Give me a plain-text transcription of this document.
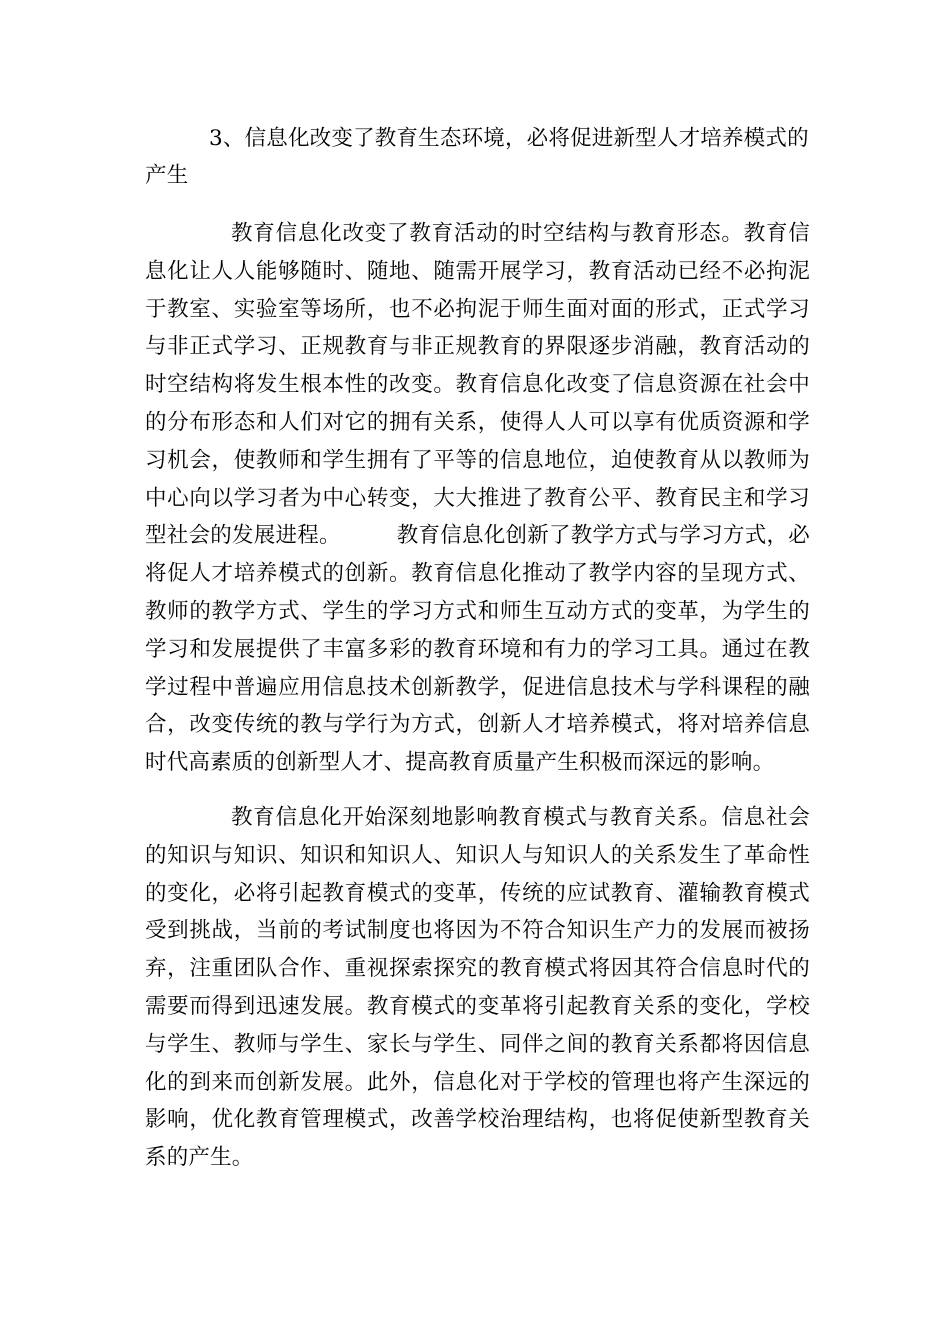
3、信息化改变了教育生态环境，必将促进新型人才培养模式的产生

教育信息化改变了教育活动的时空结构与教育形态。教育信息化让人人能够随时、随地、随需开展学习，教育活动已经不必拘泥于教室、实验室等场所，也不必拘泥于师生面对面的形式，正式学习与非正式学习、正规教育与非正规教育的界限逐步消融，教育活动的时空结构将发生根本性的改变。教育信息化改变了信息资源在社会中的分布形态和人们对它的拥有关系，使得人人可以享有优质资源和学习机会，使教师和学生拥有了平等的信息地位，迫使教育从以教师为中心向以学习者为中心转变，大大推进了教育公平、教育民主和学习型社会的发展进程。	教育信息化创新了教学方式与学习方式，必将促人才培养模式的创新。教育信息化推动了教学内容的呈现方式、教师的教学方式、学生的学习方式和师生互动方式的变革，为学生的学习和发展提供了丰富多彩的教育环境和有力的学习工具。通过在教学过程中普遍应用信息技术创新教学，促进信息技术与学科课程的融合，改变传统的教与学行为方式，创新人才培养模式，将对培养信息时代高素质的创新型人才、提高教育质量产生积极而深远的影响。

教育信息化开始深刻地影响教育模式与教育关系。信息社会的知识与知识、知识和知识人、知识人与知识人的关系发生了革命性的变化，必将引起教育模式的变革，传统的应试教育、灌输教育模式受到挑战，当前的考试制度也将因为不符合知识生产力的发展而被扬弃，注重团队合作、重视探索探究的教育模式将因其符合信息时代的需要而得到迅速发展。教育模式的变革将引起教育关系的变化，学校与学生、教师与学生、家长与学生、同伴之间的教育关系都将因信息化的到来而创新发展。此外，信息化对于学校的管理也将产生深远的影响，优化教育管理模式，改善学校治理结构，也将促使新型教育关系的产生。
